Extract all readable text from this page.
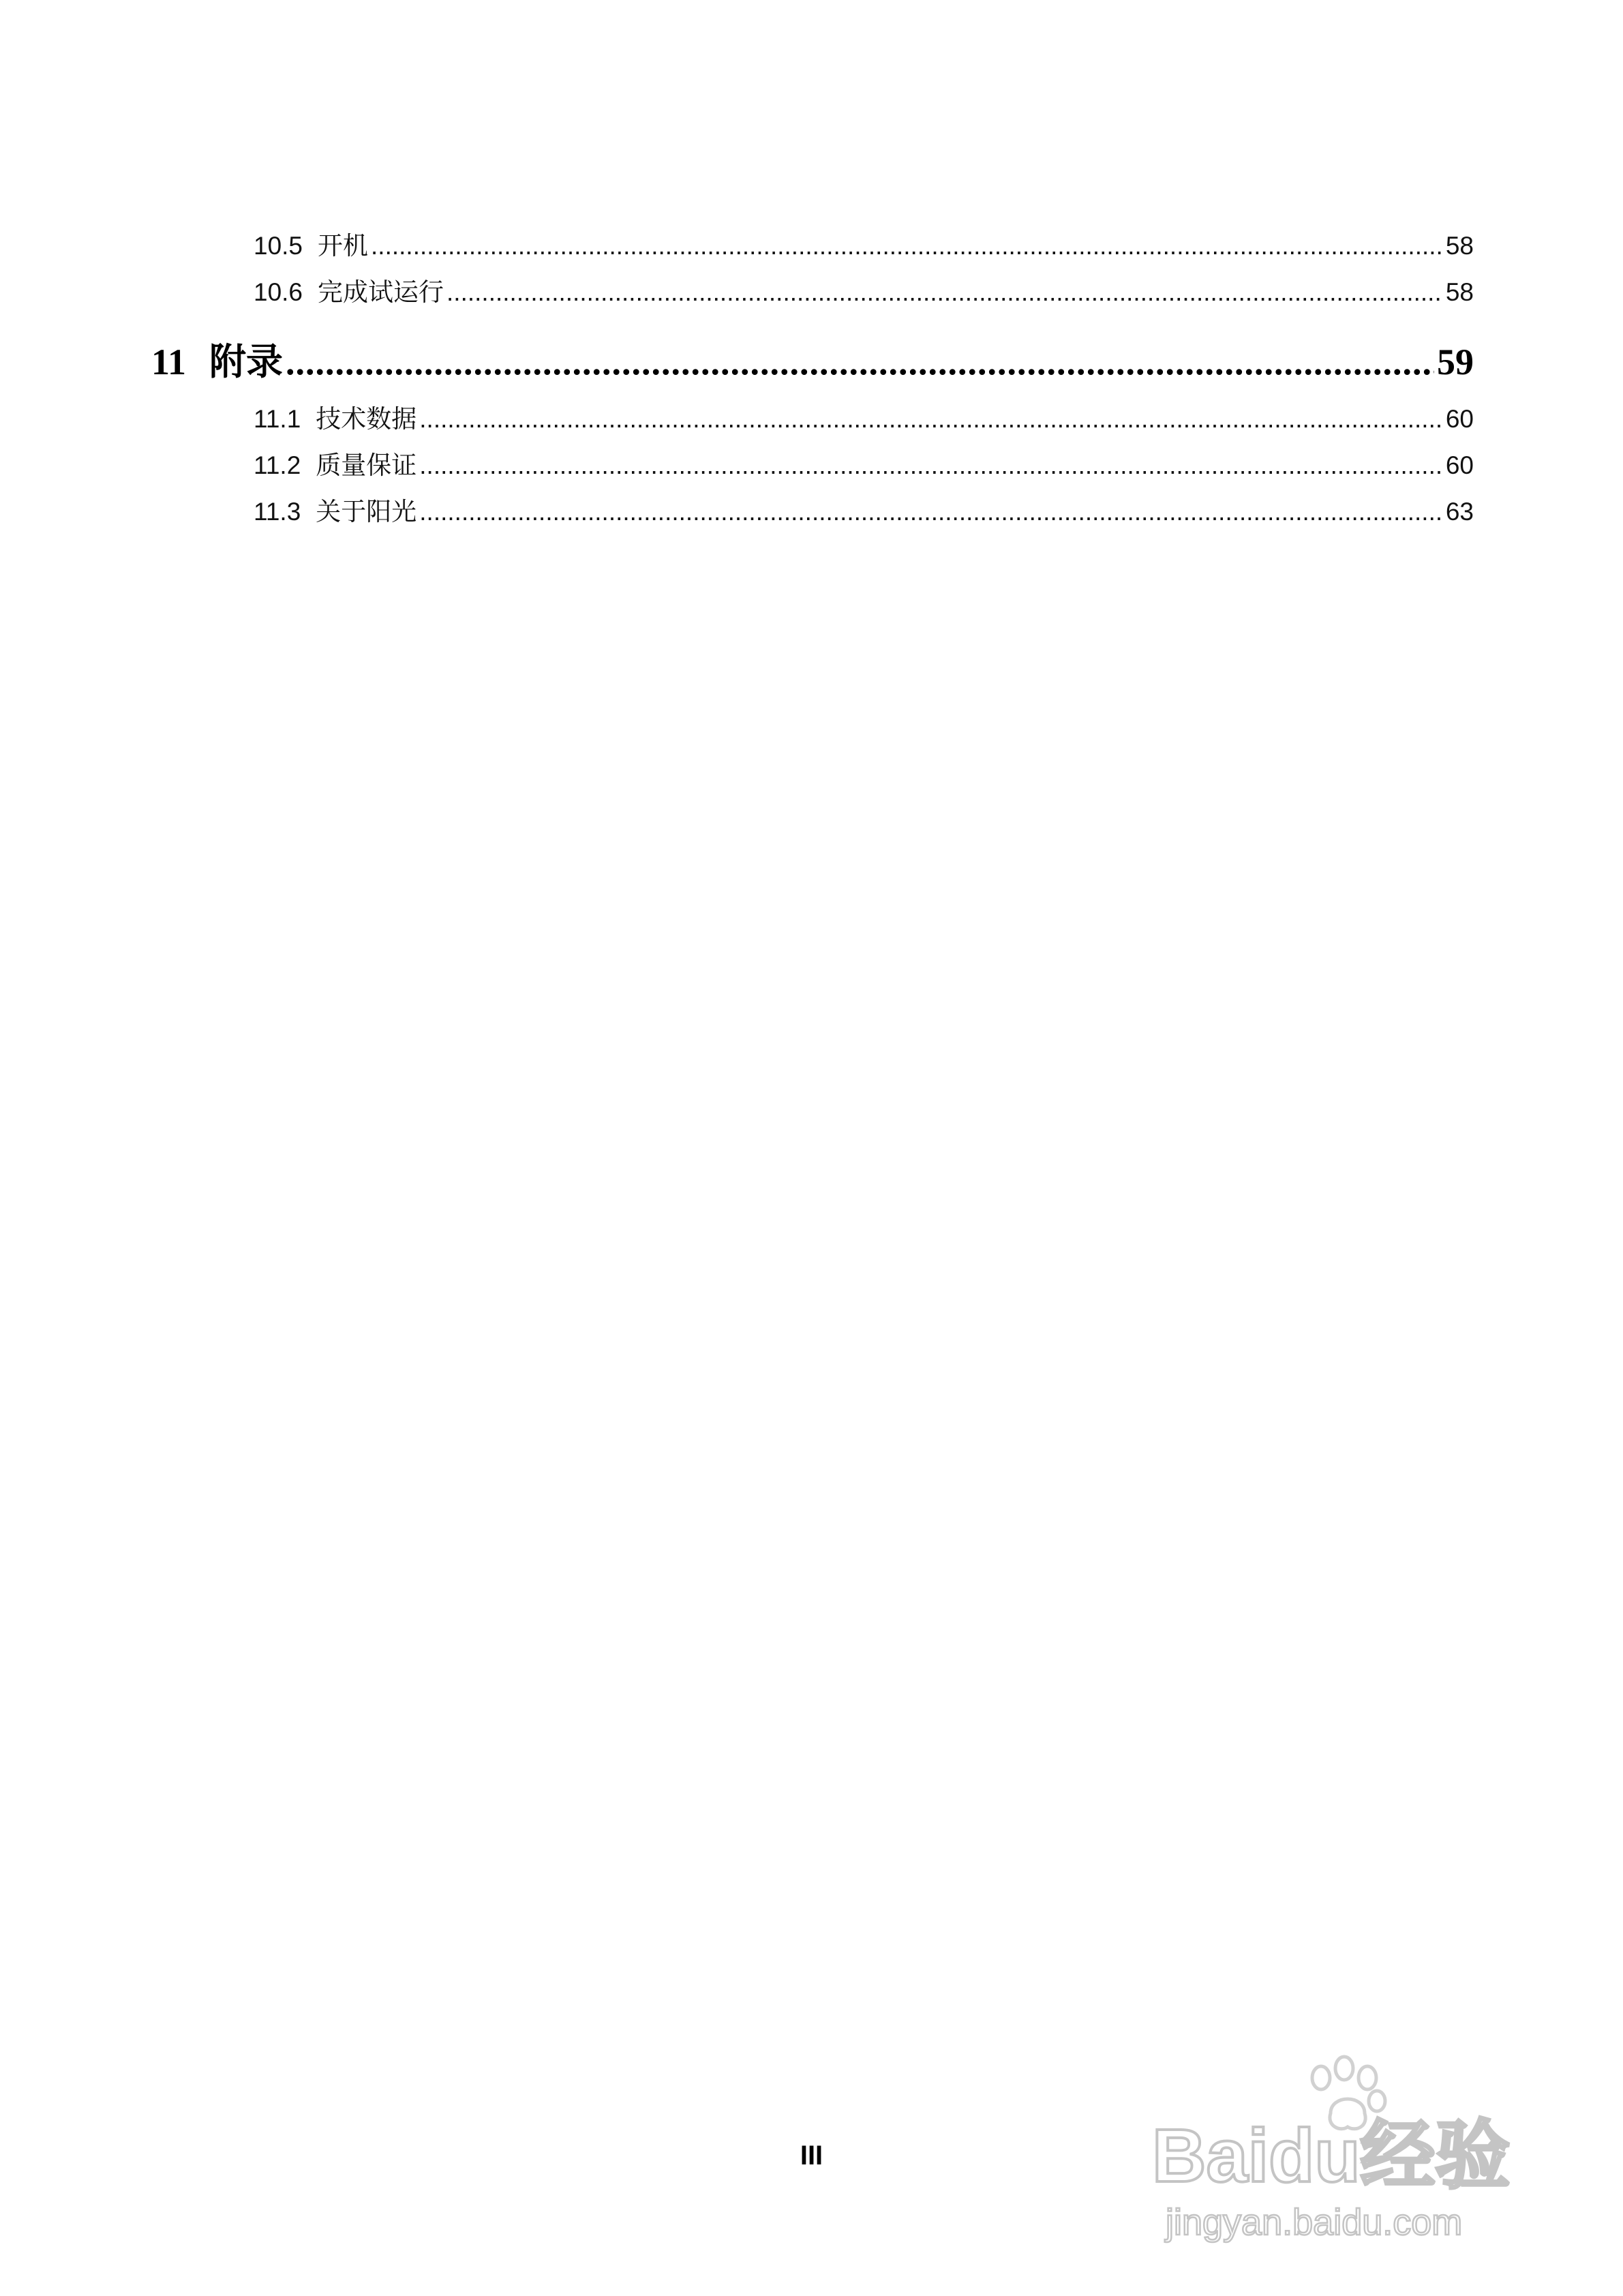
10.5 开机 .....	58
10.6 完成试运行 .....	58
11 附录 .....	59
11.1 技术数据 .....	60
11.2 质量保证 .....	60
11.3 关于阳光 .....	63
III	Baidu经验
jingyan.baidu.com
